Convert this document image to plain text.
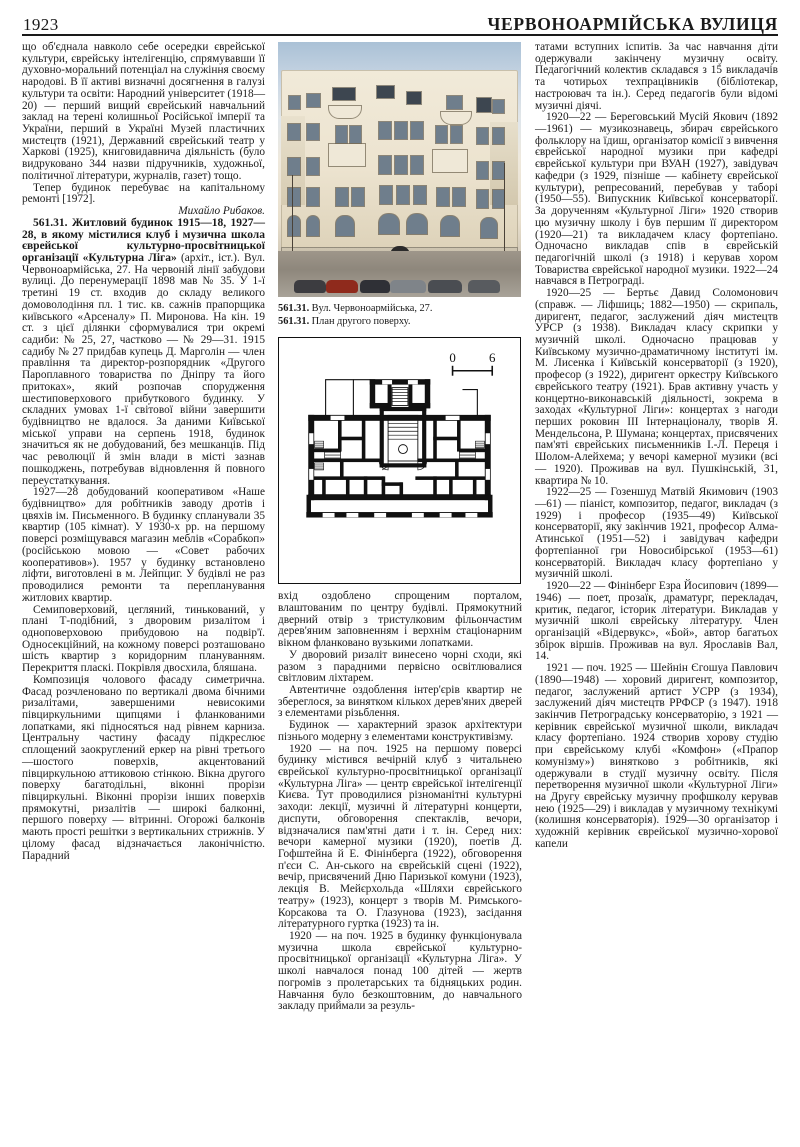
1923	ЧЕРВОНОАРМІЙСЬКА ВУЛИЦЯ

що об'єднала навколо себе осередки єврейської культури, єврейську інтелігенцію, спрямувавши її духовно-моральний потенціал на служіння своєму народові. В її активі визначні досягнення в галузі культури та освіти: Народний університет (1918—20) — перший вищий єврейський навчальний заклад на терені колишньої Російської імперії та України, перший в Україні Музей пластичних мистецтв (1921), Державний єврейський театр у Харкові (1925), книговидавнича діяльність (було видруковано 344 назви підручників, художньої, політичної літератури, журналів, газет) тощо.

Тепер будинок перебуває на капітальному ремонті [1972].

Михайло Рибаков.

561.31. Житловий будинок 1915—18, 1927—28, в якому містилися клуб і музична школа єврейської культурно-просвітницької організації «Культурна Ліга» (архіт., іст.). Вул. Червоноармійська, 27. На червоній лінії забудови вулиці. До перенумерації 1898 мав № 35. У 1-ї третині 19 ст. входив до складу великого домоволодіння пл. 1 тис. кв. сажнів прапорщика київського «Арсеналу» П. Миронова. На кін. 19 ст. з цієї ділянки сформувалися три окремі садиби: № 25, 27, частково — № 29—31. 1915 садибу № 27 придбав купець Д. Марголін — член правління та директор-розпорядник «Другого Пароплавного товариства по Дніпру та його притоках», який розпочав спорудження шестиповерхового прибуткового будинку. У складних умовах 1-ї світової війни завершити будівництво не вдалося. За даними Київської міської управи на серпень 1918, будинок значиться як не добудований, без мешканців. Під час революції й змін влади в місті зазнав пошкоджень, потребував відновлення й повного переустаткування.

1927—28 добудований кооперативом «Наше будівництво» для робітників заводу дротів і цвяхів ім. Письменного. В будинку спланували 35 квартир (105 кімнат). У 1930-х рр. на першому поверсі розміщувався магазин меблів «Сорабкоп» (російською мовою — «Совет рабочих кооперативов»). 1957 у будинку встановлено ліфти, виготовлені в м. Лейпциг. У будівлі не раз проводилися ремонти та перепланування житлових квартир.

Семиповерховий, цегляний, тинькований, у плані Т-подібний, з дворовим ризалітом і одноповерховою прибудовою на подвір'ї. Односекційний, на кожному поверсі розташовано шість квартир з коридорним плануванням. Перекриття пласкі. Покрівля двосхила, бляшана.

Композиція чолового фасаду симетрична. Фасад розчленовано по вертикалі двома бічними ризалітами, завершеними невисокими півциркульними щипцями і фланкованими лопатками, які підносяться над рівнем карниза. Центральну частину фасаду підкреслює сплощений заокруглений еркер на рівні третього—шостого поверхів, акцентований півциркульною аттиковою стінкою. Вікна другого поверху багатодільні, віконні прорізи півциркульні. Віконні прорізи інших поверхів прямокутні, ризалітів — широкі балконні, першого поверху — вітринні. Огорожі балконів мають прості решітки з вертикальних стрижнів. У цілому фасад відзначається лаконічністю. Парадний

561.31. Вул. Червоноармійська, 27.

561.31. План другого поверху.

0	6

вхід оздоблено спрощеним порталом, влаштованим по центру будівлі. Прямокутний дверний отвір з тристулковим фільончастим дерев'яним заповненням і верхнім стаціонарним вікном фланковано вузькими лопатками.

У дворовий ризаліт винесено чорні сходи, які разом з парадними первісно освітлювалися світловим ліхтарем.

Автентичне оздоблення інтер'єрів квартир не збереглося, за винятком кількох дерев'яних дверей з елементами різьблення.

Будинок — характерний зразок архітектури пізнього модерну з елементами конструктивізму.

1920 — на поч. 1925 на першому поверсі будинку містився вечірній клуб з читальнею єврейської культурно-просвітницької організації «Культурна Ліга» — центр єврейської інтелігенції Києва. Тут проводилися різноманітні культурні заходи: лекції, музичні й літературні концерти, диспути, обговорення спектаклів, вечори, відзначалися пам'ятні дати і т. ін. Серед них: вечори камерної музики (1920), поетів Д. Гофштейна й Е. Фінінберга (1922), обговорення п'єси С. Ан-ського на єврейській сцені (1922), вечір, присвячений Дню Паризької комуни (1923), лекція В. Мейєрхольда «Шляхи єврейського театру» (1923), концерт з творів М. Римського-Корсакова та О. Глазунова (1923), засідання літературного гуртка (1923) та ін.

1920 — на поч. 1925 в будинку функціонувала музична школа єврейської культурно-просвітницької організації «Культурна Ліга». У школі навчалося понад 100 дітей — жертв погромів з пролетарських та бідняцьких родин. Навчання було безкоштовним, до навчального закладу приймали за резуль-

татами вступних іспитів. За час навчання діти одержували закінчену музичну освіту. Педагогічний колектив складався з 15 викладачів та чотирьох техпрацівників (бібліотекар, настроювач та ін.). Серед педагогів були відомі музичні діячі.

1920—22 — Береговський Мусій Якович (1892—1961) — музикознавець, збирач єврейського фольклору на їдиш, організатор комісії з вивчення єврейської народної музики при кафедрі єврейської культури при ВУАН (1927), завідувач кафедри (з 1929, пізніше — кабінету єврейської культури), репресований, перебував у таборі (1950—55). Випускник Київської консерваторії. За дорученням «Культурної Ліги» 1920 створив цю музичну школу і був першим її директором (1920—21) та викладачем класу фортепіано. Одночасно викладав спів в єврейській педагогічній школі (з 1918) і керував хором Товариства єврейської народної музики. 1922—24 навчався в Петрограді.

1920—25 — Бертьє Давид Соломонович (справж. — Ліфшиць; 1882—1950) — скрипаль, диригент, педагог, заслужений діяч мистецтв УРСР (з 1938). Викладач класу скрипки у музичній школі. Одночасно працював у Київському музично-драматичному інституті ім. М. Лисенка і Київській консерваторії (з 1920), професор (з 1922), диригент оркестру Київського єврейського театру (1921). Брав активну участь у концертно-виконавській діяльності, зокрема в заходах «Культурної Ліги»: концертах з нагоди перших роковин III Інтернаціоналу, творів Я. Мендельсона, Р. Шумана; концертах, присвячених пам'яті єврейських письменників І.-Л. Переця і Шолом-Алейхема; у вечорі камерної музики (всі — 1920). Проживав на вул. Пушкінській, 31, квартира № 10.

1922—25 — Гозеншуд Матвій Якимович (1903—61) — піаніст, композитор, педагог, викладач (з 1929) і професор (1935—49) Київської консерваторії, яку закінчив 1921, професор Алма-Атинської (1951—52) і завідувач кафедри фортепіанної гри Новосибірської (1953—61) консерваторій. Викладач класу фортепіано у музичній школі.

1920—22 — Фінінберг Езра Йосипович (1899—1946) — поет, прозаїк, драматург, перекладач, критик, педагог, історик літератури. Викладав у музичній школі єврейську літературу. Член організацій «Відервукс», «Бой», автор багатьох збірок віршів. Проживав на вул. Ярославів Вал, 14.

1921 — поч. 1925 — Шейнін Єгошуа Павлович (1890—1948) — хоровий диригент, композитор, педагог, заслужений артист УСРР (з 1934), заслужений діяч мистецтв РРФСР (з 1947). 1918 закінчив Петроградську консерваторію, з 1921 — керівник єврейської музичної школи, викладач класу фортепіано. 1924 створив хорову студію при єврейському клубі «Комфон» («Прапор комунізму») винятково з робітників, які одержували в студії музичну освіту. Після перетворення музичної школи «Культурної Ліги» на Другу єврейську музичну профшколу керував нею (1925—29) і викладав у музичному технікумі (колишня консерваторія). 1929—30 організатор і художній керівник єврейської музично-хорової капели
